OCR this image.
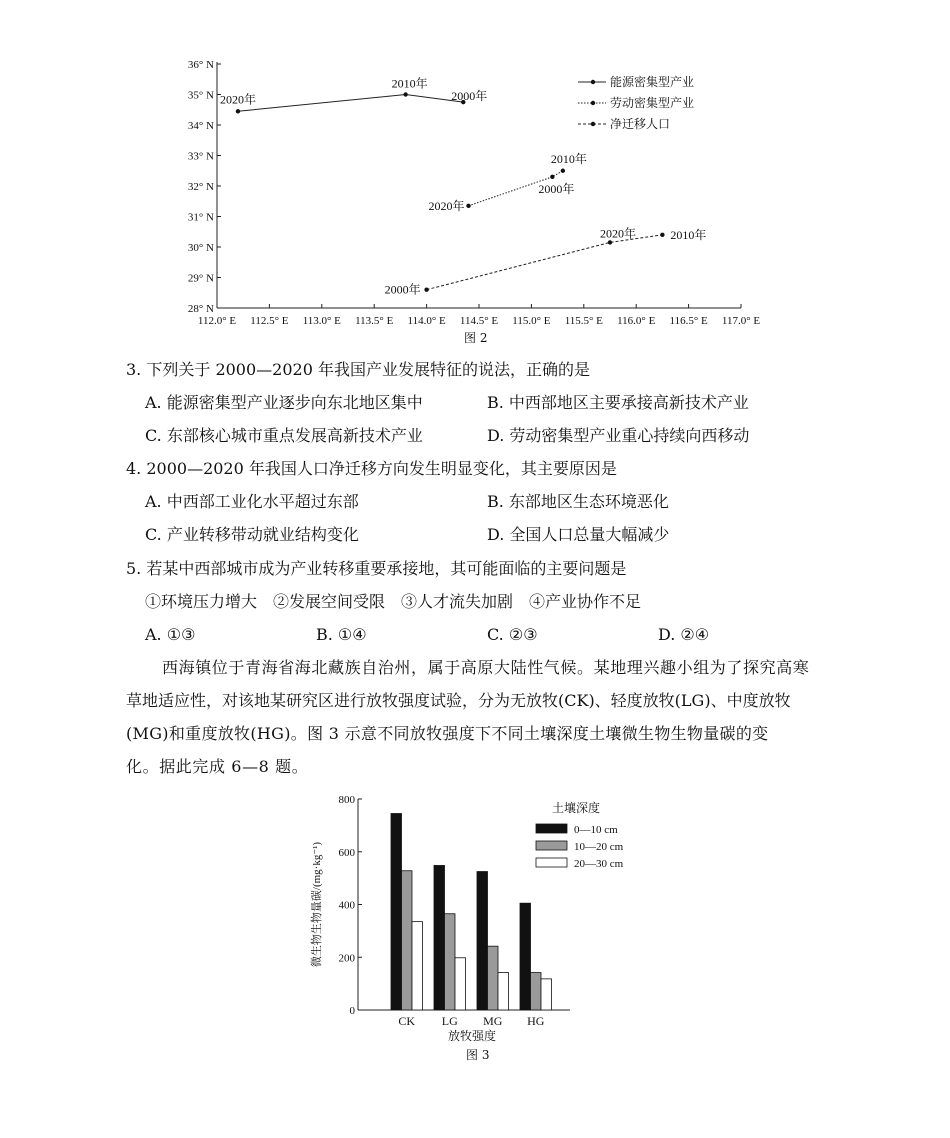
28° N
29° N
30° N
31° N
32° N
33° N
34° N
35° N
36° N
112.0° E 112.5° E 113.0° E 113.5° E 114.0° E 114.5° E 115.0° E 115.5° E 116.0° E 116.5° E 117.0° E
2020年
2010年
2000年
2020年
2000年
2010年
2000年
2020年	2010年
能源密集型产业
劳动密集型产业
净迁移人口
图 2
3. 下列关于 2000—2020 年我国产业发展特征的说法，正确的是
A. 能源密集型产业逐步向东北地区集中	B. 中西部地区主要承接高新技术产业
C. 东部核心城市重点发展高新技术产业	D. 劳动密集型产业重心持续向西移动
4. 2000—2020 年我国人口净迁移方向发生明显变化，其主要原因是
A. 中西部工业化水平超过东部	B. 东部地区生态环境恶化
C. 产业转移带动就业结构变化	D. 全国人口总量大幅减少
5. 若某中西部城市成为产业转移重要承接地，其可能面临的主要问题是
①环境压力增大　②发展空间受限　③人才流失加剧　④产业协作不足
A. ①③	B. ①④	C. ②③	D. ②④
西海镇位于青海省海北藏族自治州，属于高原大陆性气候。某地理兴趣小组为了探究高寒
草地适应性，对该地某研究区进行放牧强度试验，分为无放牧(CK)、轻度放牧(LG)、中度放牧
(MG)和重度放牧(HG)。图 3 示意不同放牧强度下不同土壤深度土壤微生物生物量碳的变
化。据此完成 6—8 题。
0
200
400
600
800
微生物生物量碳/(mg·kg⁻¹)
CK LG MG HG
放牧强度
土壤深度
0—10 cm
10—20 cm
20—30 cm
图 3
